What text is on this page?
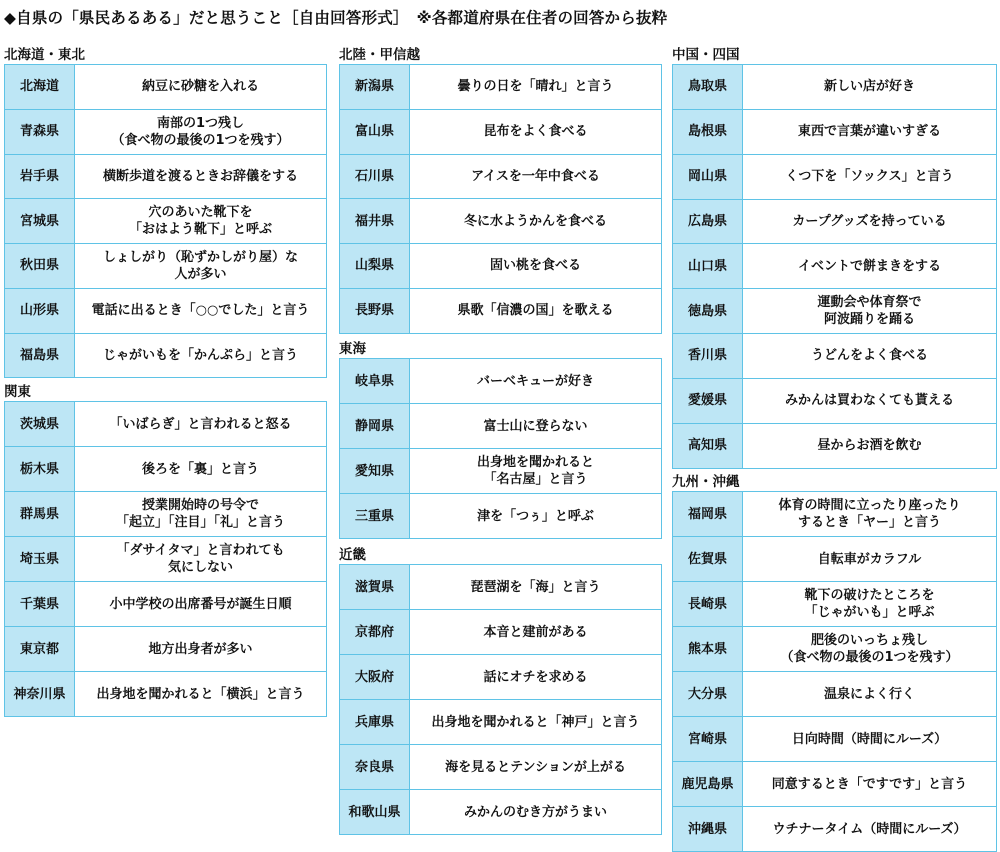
◆自県の「県民あるある」だと思うこと［自由回答形式］　※各都道府県在住者の回答から抜粋
北海道・東北
北海道	納豆に砂糖を入れる
青森県	南部の1つ残し
（食べ物の最後の1つを残す）
岩手県	横断歩道を渡るときお辞儀をする
宮城県	穴のあいた靴下を
「おはよう靴下」と呼ぶ
秋田県	しょしがり（恥ずかしがり屋）な
人が多い
山形県	電話に出るとき「○○でした」と言う
福島県	じゃがいもを「かんぷら」と言う
関東
茨城県	「いばらぎ」と言われると怒る
栃木県	後ろを「裏」と言う
群馬県	授業開始時の号令で
「起立」「注目」「礼」と言う
埼玉県	「ダサイタマ」と言われても
気にしない
千葉県	小中学校の出席番号が誕生日順
東京都	地方出身者が多い
神奈川県	出身地を聞かれると「横浜」と言う
北陸・甲信越
新潟県	曇りの日を「晴れ」と言う
富山県	昆布をよく食べる
石川県	アイスを一年中食べる
福井県	冬に水ようかんを食べる
山梨県	固い桃を食べる
長野県	県歌「信濃の国」を歌える
東海
岐阜県	バーベキューが好き
静岡県	富士山に登らない
愛知県	出身地を聞かれると
「名古屋」と言う
三重県	津を「つぅ」と呼ぶ
近畿
滋賀県	琵琶湖を「海」と言う
京都府	本音と建前がある
大阪府	話にオチを求める
兵庫県	出身地を聞かれると「神戸」と言う
奈良県	海を見るとテンションが上がる
和歌山県	みかんのむき方がうまい
中国・四国
鳥取県	新しい店が好き
島根県	東西で言葉が違いすぎる
岡山県	くつ下を「ソックス」と言う
広島県	カープグッズを持っている
山口県	イベントで餅まきをする
徳島県	運動会や体育祭で
阿波踊りを踊る
香川県	うどんをよく食べる
愛媛県	みかんは買わなくても貰える
高知県	昼からお酒を飲む
九州・沖縄
福岡県	体育の時間に立ったり座ったり
するとき「ヤー」と言う
佐賀県	自転車がカラフル
長崎県	靴下の破けたところを
「じゃがいも」と呼ぶ
熊本県	肥後のいっちょ残し
（食べ物の最後の1つを残す）
大分県	温泉によく行く
宮崎県	日向時間（時間にルーズ）
鹿児島県	同意するとき「ですです」と言う
沖縄県	ウチナータイム（時間にルーズ）
